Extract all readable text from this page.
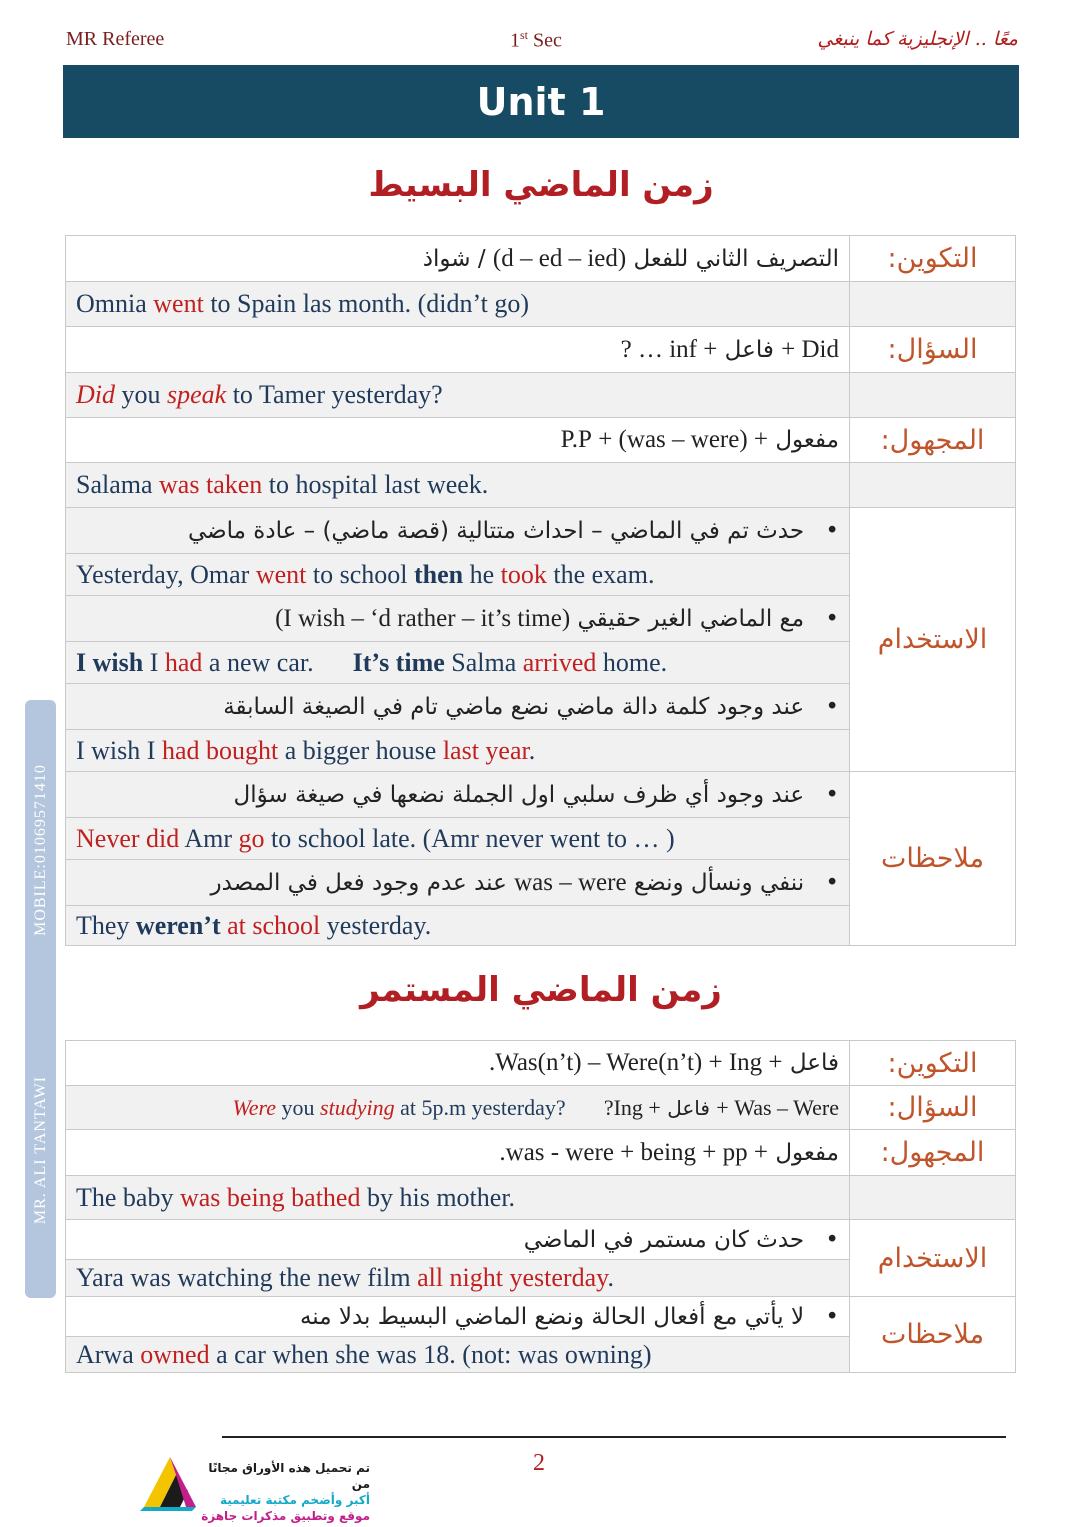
MR Referee	1st Sec	معًا .. الإنجليزية كما ينبغي
Unit 1
زمن الماضي البسيط
التصريف الثاني للفعل (d – ed – ied) / شواذ	التكوين:
Omnia went to Spain las month. (didn’t go)	
Did + فاعل + inf … ?	السؤال:
Did you speak to Tamer yesterday?	
مفعول + (was – were) + P.P	المجهول:
Salama was taken to hospital last week.	
• حدث تم في الماضي – احداث متتالية (قصة ماضي) – عادة ماضي	الاستخدام
Yesterday, Omar went to school then he took the exam.	
• مع الماضي الغير حقيقي (I wish – ‘d rather – it’s time)	
I wish I had a new car. It’s time Salma arrived home.	
• عند وجود كلمة دالة ماضي نضع ماضي تام في الصيغة السابقة	
I wish I had bought a bigger house last year.	
• عند وجود أي ظرف سلبي اول الجملة نضعها في صيغة سؤال	ملاحظات
Never did Amr go to school late. (Amr never went to … )	
• ننفي ونسأل ونضع was – were عند عدم وجود فعل في المصدر	
They weren’t at school yesterday.	
زمن الماضي المستمر
فاعل + Was(n’t) – Were(n’t) + Ing.	التكوين:
Was – Were + فاعل + Ing?      Were you studying at 5p.m yesterday?	السؤال:
مفعول + was - were + being + pp.	المجهول:
The baby was being bathed by his mother.	
• حدث كان مستمر في الماضي	الاستخدام
Yara was watching the new film all night yesterday.	
• لا يأتي مع أفعال الحالة ونضع الماضي البسيط بدلا منه	ملاحظات
Arwa owned a car when she was 18. (not: was owning)	
MR. ALI TANTAWI
MOBILE:01069571410
2
تم تحميل هذه الأوراق مجانًا من
أكبر وأضخم مكتبة تعليمية
موقع وتطبيق مذكرات جاهزة
